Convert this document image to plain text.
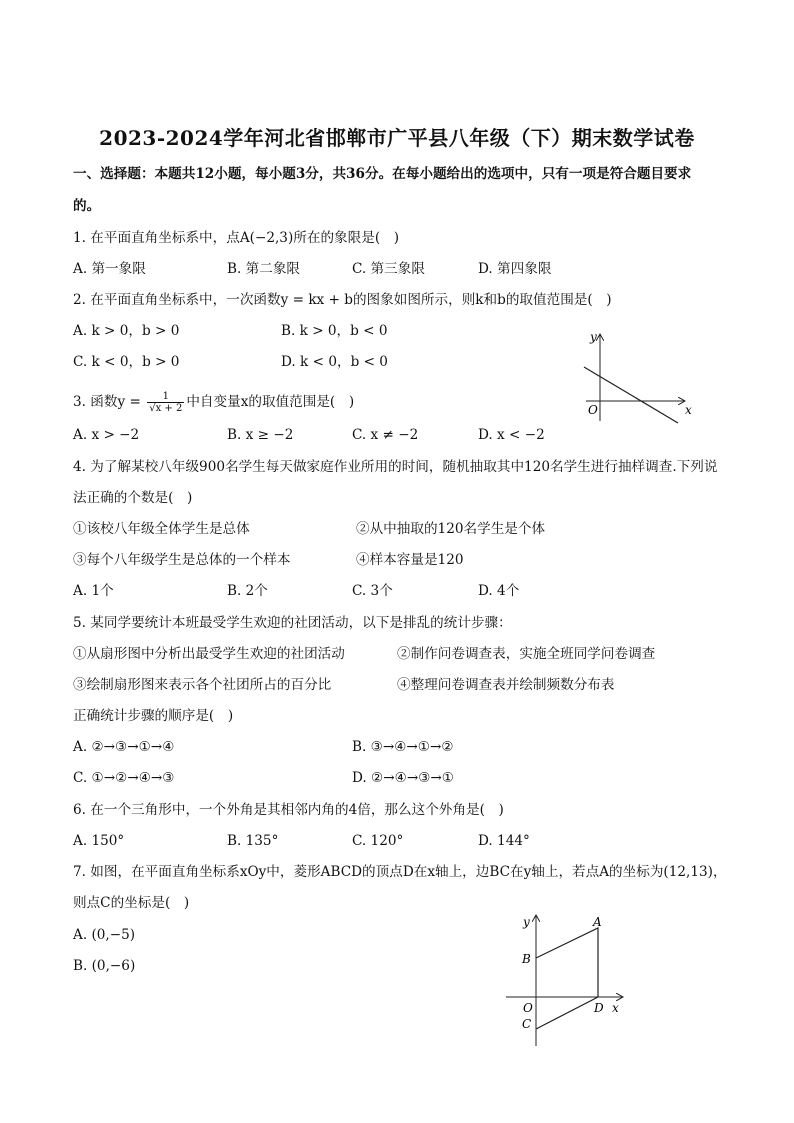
2023-2024学年河北省邯郸市广平县八年级（下）期末数学试卷
一、选择题：本题共12小题，每小题3分，共36分。在每小题给出的选项中，只有一项是符合题目要求
的。
1. 在平面直角坐标系中，点A(−2,3)所在的象限是(　)
A. 第一象限	B. 第二象限	C. 第三象限	D. 第四象限
2. 在平面直角坐标系中，一次函数y = kx + b的图象如图所示，则k和b的取值范围是(　)
A. k > 0，b > 0	B. k > 0，b < 0
C. k < 0，b > 0	D. k < 0，b < 0
y
O	x
3. 函数$y = \frac{1}{√x + 2}$ 中自变量x的取值范围是(　)
A. x > −2	B. x ≥ −2	C. x ≠ −2	D. x < −2
4. 为了解某校八年级900名学生每天做家庭作业所用的时间，随机抽取其中120名学生进行抽样调查.下列说
法正确的个数是(　)
①该校八年级全体学生是总体	②从中抽取的120名学生是个体
③每个八年级学生是总体的一个样本	④样本容量是120
A. 1个	B. 2个	C. 3个	D. 4个
5. 某同学要统计本班最受学生欢迎的社团活动，以下是排乱的统计步骤：
①从扇形图中分析出最受学生欢迎的社团活动	②制作问卷调查表，实施全班同学问卷调查
③绘制扇形图来表示各个社团所占的百分比	④整理问卷调查表并绘制频数分布表
正确统计步骤的顺序是(　)
A. ②→③→①→④	B. ③→④→①→②
C. ①→②→④→③	D. ②→④→③→①
6. 在一个三角形中，一个外角是其相邻内角的4倍，那么这个外角是(　)
A. 150°	B. 135°	C. 120°	D. 144°
7. 如图，在平面直角坐标系xOy中，菱形ABCD的顶点D在x轴上，边BC在y轴上，若点A的坐标为(12,13)，
则点C的坐标是(　)
A. (0,−5)
B. (0,−6)
y	A
B
O
C
D x
